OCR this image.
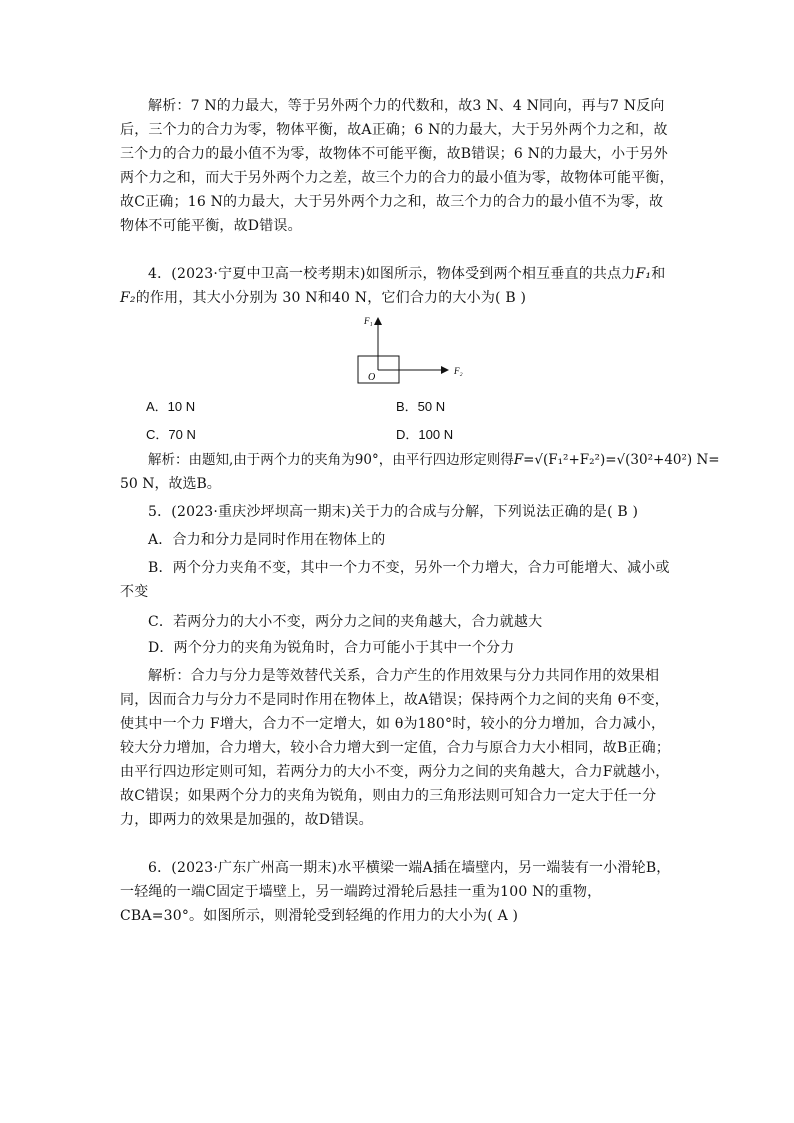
解析：7 N的力最大，等于另外两个力的代数和，故3 N、4 N同向，再与7 N反向后，三个力的合力为零，物体平衡，故A正确；6 N的力最大，大于另外两个力之和，故三个力的合力的最小值不为零，故物体不可能平衡，故B错误；6 N的力最大，小于另外两个力之和，而大于另外两个力之差，故三个力的合力的最小值为零，故物体可能平衡，故C正确；16 N的力最大，大于另外两个力之和，故三个力的合力的最小值不为零，故物体不可能平衡，故D错误。
4．(2023·宁夏中卫高一校考期末)如图所示，物体受到两个相互垂直的共点力F₁和F₂的作用，其大小分别为 30 N和40 N，它们合力的大小为( B )
F₁
F₂
O
A．10 N	B．50 N
C．70 N	D．100 N
解析：由题知,由于两个力的夹角为90°，由平行四边形定则得F=√(F₁²+F₂²)=√(30²+40²) N=
50 N，故选B。
5．(2023·重庆沙坪坝高一期末)关于力的合成与分解，下列说法正确的是( B )
A．合力和分力是同时作用在物体上的
B．两个分力夹角不变，其中一个力不变，另外一个力增大，合力可能增大、减小或不变
C．若两分力的大小不变，两分力之间的夹角越大，合力就越大
D．两个分力的夹角为锐角时，合力可能小于其中一个分力
解析：合力与分力是等效替代关系，合力产生的作用效果与分力共同作用的效果相同，因而合力与分力不是同时作用在物体上，故A错误；保持两个力之间的夹角 θ不变，使其中一个力 F增大，合力不一定增大，如 θ为180°时，较小的分力增加，合力减小，较大分力增加，合力增大，较小合力增大到一定值，合力与原合力大小相同，故B正确；由平行四边形定则可知，若两分力的大小不变，两分力之间的夹角越大，合力F就越小，故C错误；如果两个分力的夹角为锐角，则由力的三角形法则可知合力一定大于任一分力，即两力的效果是加强的，故D错误。
6．(2023·广东广州高一期末)水平横梁一端A插在墙壁内，另一端装有一小滑轮B，一轻绳的一端C固定于墙壁上，另一端跨过滑轮后悬挂一重为100 N的重物，CBA=30°。如图所示，则滑轮受到轻绳的作用力的大小为( A )
